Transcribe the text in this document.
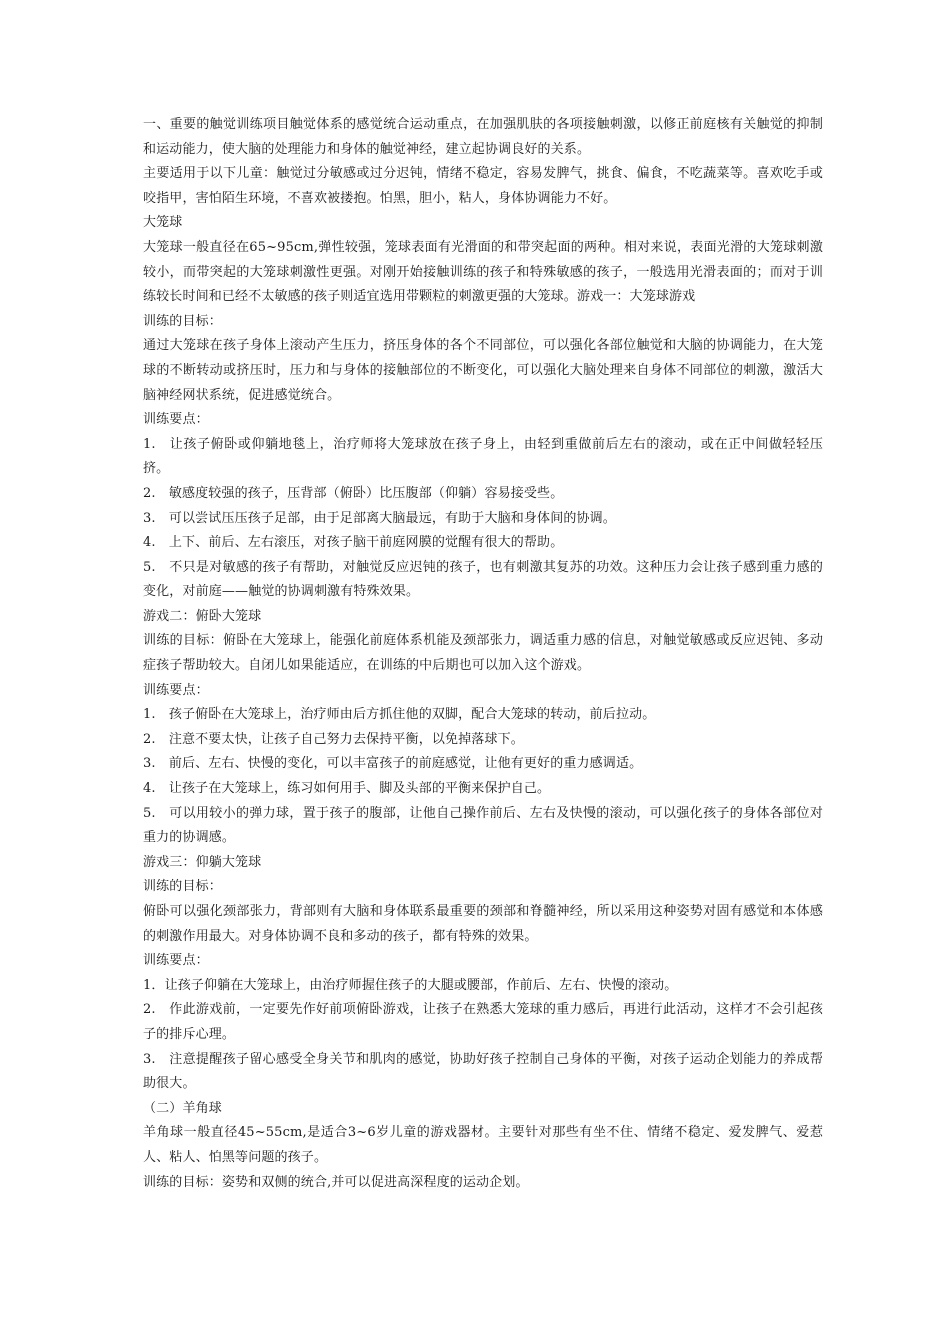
一、重要的触觉训练项目触觉体系的感觉统合运动重点，在加强肌肤的各项接触刺激，以修正前庭核有关触觉的抑制和运动能力，使大脑的处理能力和身体的触觉神经，建立起协调良好的关系。

主要适用于以下儿童：触觉过分敏感或过分迟钝，情绪不稳定，容易发脾气，挑食、偏食，不吃蔬菜等。喜欢吃手或咬指甲，害怕陌生环境，不喜欢被搂抱。怕黑，胆小，粘人，身体协调能力不好。

大笼球

大笼球一般直径在65~95cm,弹性较强，笼球表面有光滑面的和带突起面的两种。相对来说，表面光滑的大笼球刺激较小，而带突起的大笼球刺激性更强。对刚开始接触训练的孩子和特殊敏感的孩子，一般选用光滑表面的；而对于训练较长时间和已经不太敏感的孩子则适宜选用带颗粒的刺激更强的大笼球。游戏一：大笼球游戏

训练的目标：

通过大笼球在孩子身体上滚动产生压力，挤压身体的各个不同部位，可以强化各部位触觉和大脑的协调能力，在大笼球的不断转动或挤压时，压力和与身体的接触部位的不断变化，可以强化大脑处理来自身体不同部位的刺激，激活大脑神经网状系统，促进感觉统合。

训练要点：

1.　让孩子俯卧或仰躺地毯上，治疗师将大笼球放在孩子身上，由轻到重做前后左右的滚动，或在正中间做轻轻压挤。

2.　敏感度较强的孩子，压背部（俯卧）比压腹部（仰躺）容易接受些。

3.　可以尝试压压孩子足部，由于足部离大脑最远，有助于大脑和身体间的协调。

4.　上下、前后、左右滚压，对孩子脑干前庭网膜的觉醒有很大的帮助。

5.　不只是对敏感的孩子有帮助，对触觉反应迟钝的孩子，也有刺激其复苏的功效。这种压力会让孩子感到重力感的变化，对前庭——触觉的协调刺激有特殊效果。

游戏二：俯卧大笼球

训练的目标：俯卧在大笼球上，能强化前庭体系机能及颈部张力，调适重力感的信息，对触觉敏感或反应迟钝、多动症孩子帮助较大。自闭儿如果能适应，在训练的中后期也可以加入这个游戏。

训练要点：

1.　孩子俯卧在大笼球上，治疗师由后方抓住他的双脚，配合大笼球的转动，前后拉动。

2.　注意不要太快，让孩子自己努力去保持平衡，以免掉落球下。

3.　前后、左右、快慢的变化，可以丰富孩子的前庭感觉，让他有更好的重力感调适。

4.　让孩子在大笼球上，练习如何用手、脚及头部的平衡来保护自己。

5.　可以用较小的弹力球，置于孩子的腹部，让他自己操作前后、左右及快慢的滚动，可以强化孩子的身体各部位对重力的协调感。

游戏三：仰躺大笼球

训练的目标：

俯卧可以强化颈部张力，背部则有大脑和身体联系最重要的颈部和脊髓神经，所以采用这种姿势对固有感觉和本体感的刺激作用最大。对身体协调不良和多动的孩子，都有特殊的效果。

训练要点：

1．让孩子仰躺在大笼球上，由治疗师握住孩子的大腿或腰部，作前后、左右、快慢的滚动。

2.　作此游戏前，一定要先作好前项俯卧游戏，让孩子在熟悉大笼球的重力感后，再进行此活动，这样才不会引起孩子的排斥心理。

3.　注意提醒孩子留心感受全身关节和肌肉的感觉，协助好孩子控制自己身体的平衡，对孩子运动企划能力的养成帮助很大。

（二）羊角球

羊角球一般直径45~55cm,是适合3~6岁儿童的游戏器材。主要针对那些有坐不住、情绪不稳定、爱发脾气、爱惹人、粘人、怕黑等问题的孩子。

训练的目标：姿势和双侧的统合,并可以促进高深程度的运动企划。
